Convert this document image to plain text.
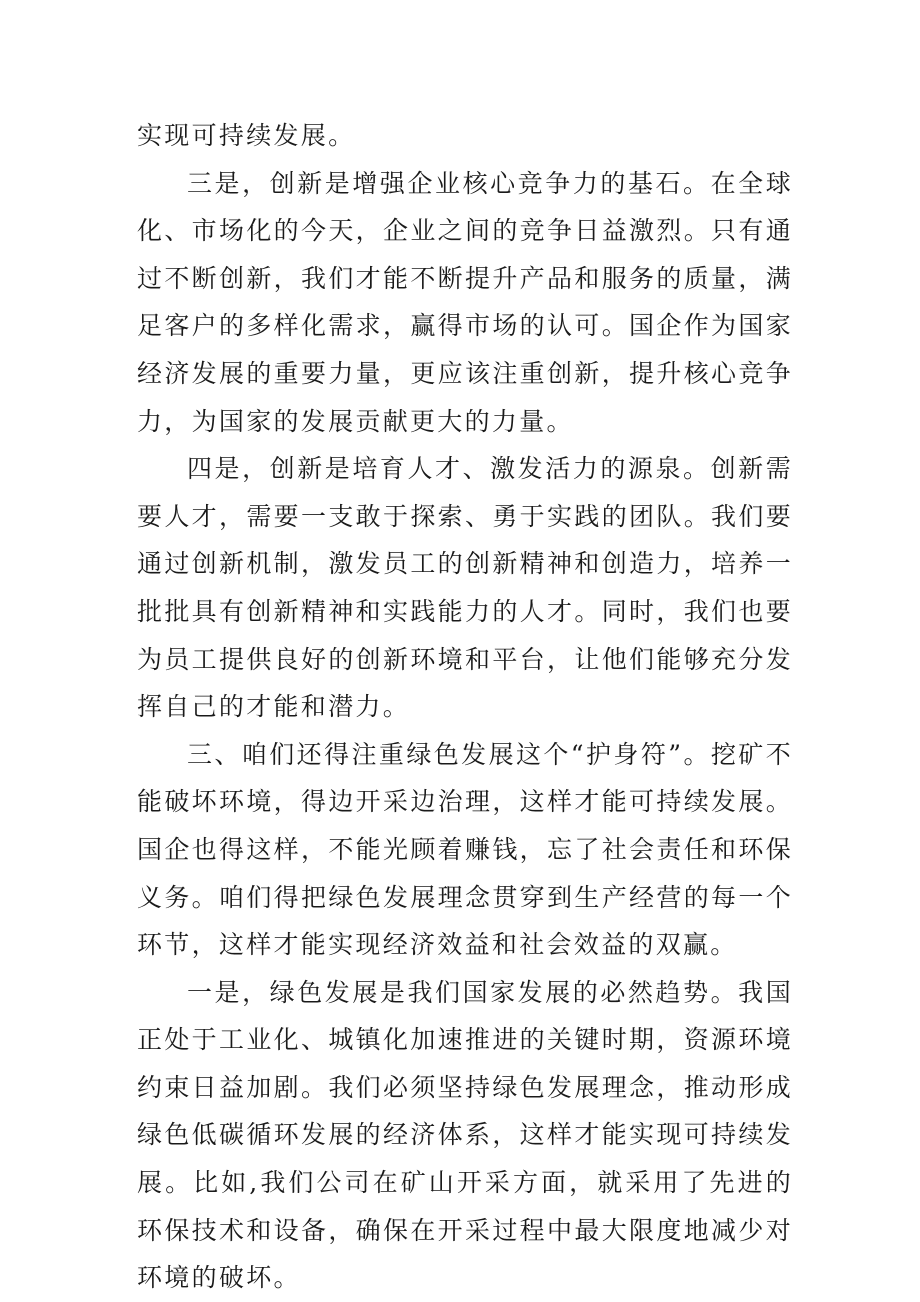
实现可持续发展。

三是，创新是增强企业核心竞争力的基石。在全球化、市场化的今天，企业之间的竞争日益激烈。只有通过不断创新，我们才能不断提升产品和服务的质量，满足客户的多样化需求，赢得市场的认可。国企作为国家经济发展的重要力量，更应该注重创新，提升核心竞争力，为国家的发展贡献更大的力量。

四是，创新是培育人才、激发活力的源泉。创新需要人才，需要一支敢于探索、勇于实践的团队。我们要通过创新机制，激发员工的创新精神和创造力，培养一批批具有创新精神和实践能力的人才。同时，我们也要为员工提供良好的创新环境和平台，让他们能够充分发挥自己的才能和潜力。

三、咱们还得注重绿色发展这个“护身符”。挖矿不能破坏环境，得边开采边治理，这样才能可持续发展。国企也得这样，不能光顾着赚钱，忘了社会责任和环保义务。咱们得把绿色发展理念贯穿到生产经营的每一个环节，这样才能实现经济效益和社会效益的双赢。

一是，绿色发展是我们国家发展的必然趋势。我国正处于工业化、城镇化加速推进的关键时期，资源环境约束日益加剧。我们必须坚持绿色发展理念，推动形成绿色低碳循环发展的经济体系，这样才能实现可持续发展。比如,我们公司在矿山开采方面，就采用了先进的环保技术和设备，确保在开采过程中最大限度地减少对环境的破坏。
